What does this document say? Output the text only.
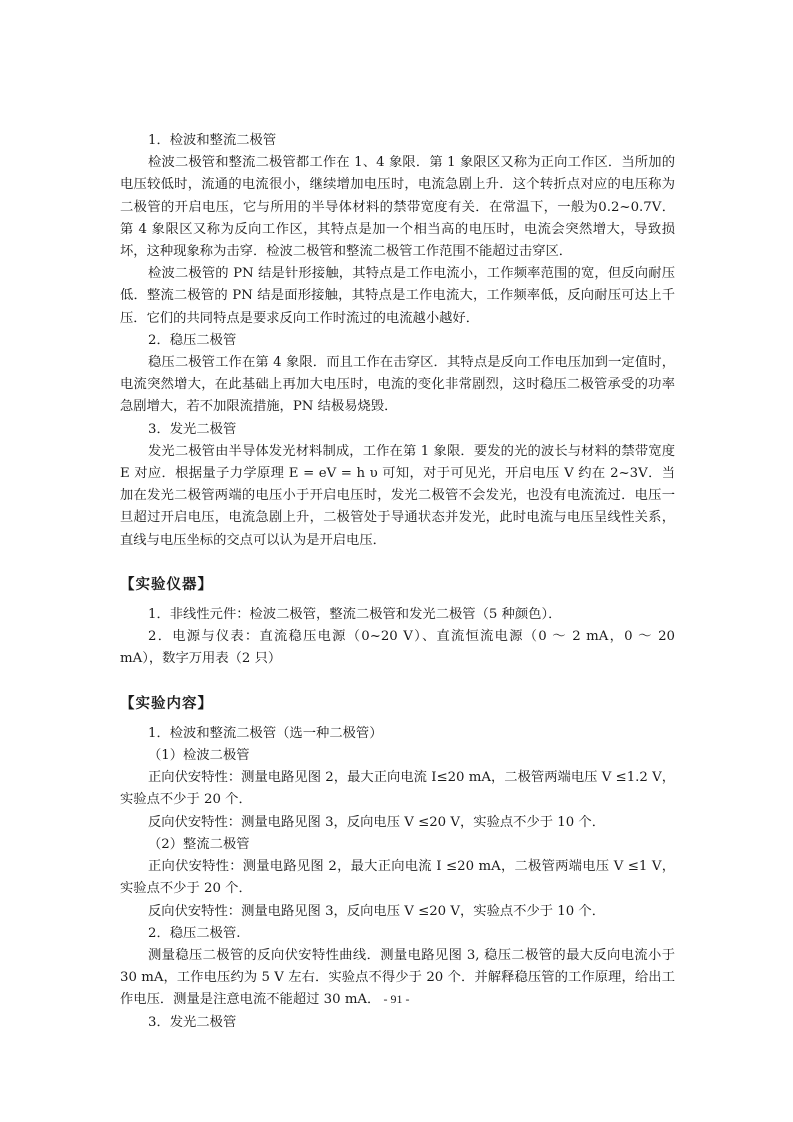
1．检波和整流二极管

检波二极管和整流二极管都工作在 1、4 象限．第 1 象限区又称为正向工作区．当所加的电压较低时，流通的电流很小，继续增加电压时，电流急剧上升．这个转折点对应的电压称为二极管的开启电压，它与所用的半导体材料的禁带宽度有关．在常温下，一般为0.2~0.7V．第 4 象限区又称为反向工作区，其特点是加一个相当高的电压时，电流会突然增大，导致损坏，这种现象称为击穿．检波二极管和整流二极管工作范围不能超过击穿区．

检波二极管的 PN 结是针形接触，其特点是工作电流小，工作频率范围的宽，但反向耐压低．整流二极管的 PN 结是面形接触，其特点是工作电流大，工作频率低，反向耐压可达上千压．它们的共同特点是要求反向工作时流过的电流越小越好．

2．稳压二极管

稳压二极管工作在第 4 象限．而且工作在击穿区．其特点是反向工作电压加到一定值时，电流突然增大，在此基础上再加大电压时，电流的变化非常剧烈，这时稳压二极管承受的功率急剧增大，若不加限流措施，PN 结极易烧毁．

3．发光二极管

发光二极管由半导体发光材料制成，工作在第 1 象限．要发的光的波长与材料的禁带宽度 E 对应．根据量子力学原理 E = eV = h υ 可知，对于可见光，开启电压 V 约在 2~3V．当加在发光二极管两端的电压小于开启电压时，发光二极管不会发光，也没有电流流过．电压一旦超过开启电压，电流急剧上升，二极管处于导通状态并发光，此时电流与电压呈线性关系，直线与电压坐标的交点可以认为是开启电压．

【实验仪器】

1．非线性元件：检波二极管，整流二极管和发光二极管（5 种颜色）．

2．电源与仪表：直流稳压电源（0~20 V）、直流恒流电源（0 ～ 2 mA，0 ～ 20 mA），数字万用表（2 只）

【实验内容】

1．检波和整流二极管（选一种二极管）

（1）检波二极管

正向伏安特性：测量电路见图 2，最大正向电流 I≤20 mA，二极管两端电压 V ≤1.2 V，实验点不少于 20 个．

反向伏安特性：测量电路见图 3，反向电压 V ≤20 V，实验点不少于 10 个．

（2）整流二极管

正向伏安特性：测量电路见图 2，最大正向电流 I ≤20 mA，二极管两端电压 V ≤1 V，实验点不少于 20 个．

反向伏安特性：测量电路见图 3，反向电压 V ≤20 V，实验点不少于 10 个．

2．稳压二极管.

测量稳压二极管的反向伏安特性曲线．测量电路见图 3, 稳压二极管的最大反向电流小于 30 mA，工作电压约为 5 V 左右．实验点不得少于 20 个．并解释稳压管的工作原理，给出工作电压．测量是注意电流不能超过 30 mA．

3．发光二极管

- 91 -
